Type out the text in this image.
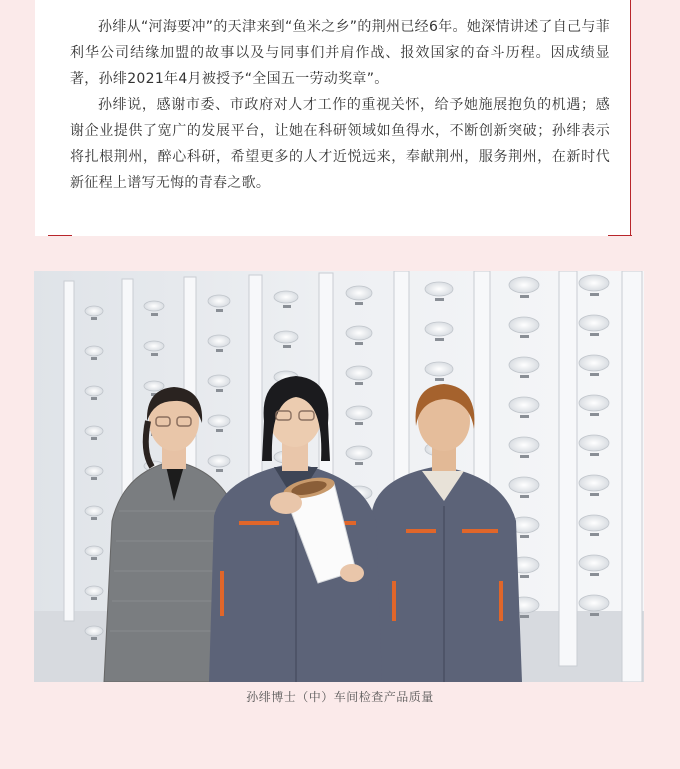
孙绯从“河海要冲”的天津来到“鱼米之乡”的荆州已经6年。她深情讲述了自己与菲利华公司结缘加盟的故事以及与同事们并肩作战、报效国家的奋斗历程。因成绩显著，孙绯2021年4月被授予“全国五一劳动奖章”。

孙绯说，感谢市委、市政府对人才工作的重视关怀，给予她施展抱负的机遇；感谢企业提供了宽广的发展平台，让她在科研领域如鱼得水，不断创新突破；孙绯表示将扎根荆州，醉心科研，希望更多的人才近悦远来，奉献荆州，服务荆州，在新时代新征程上谱写无悔的青春之歌。

孙绯博士（中）车间检查产品质量
